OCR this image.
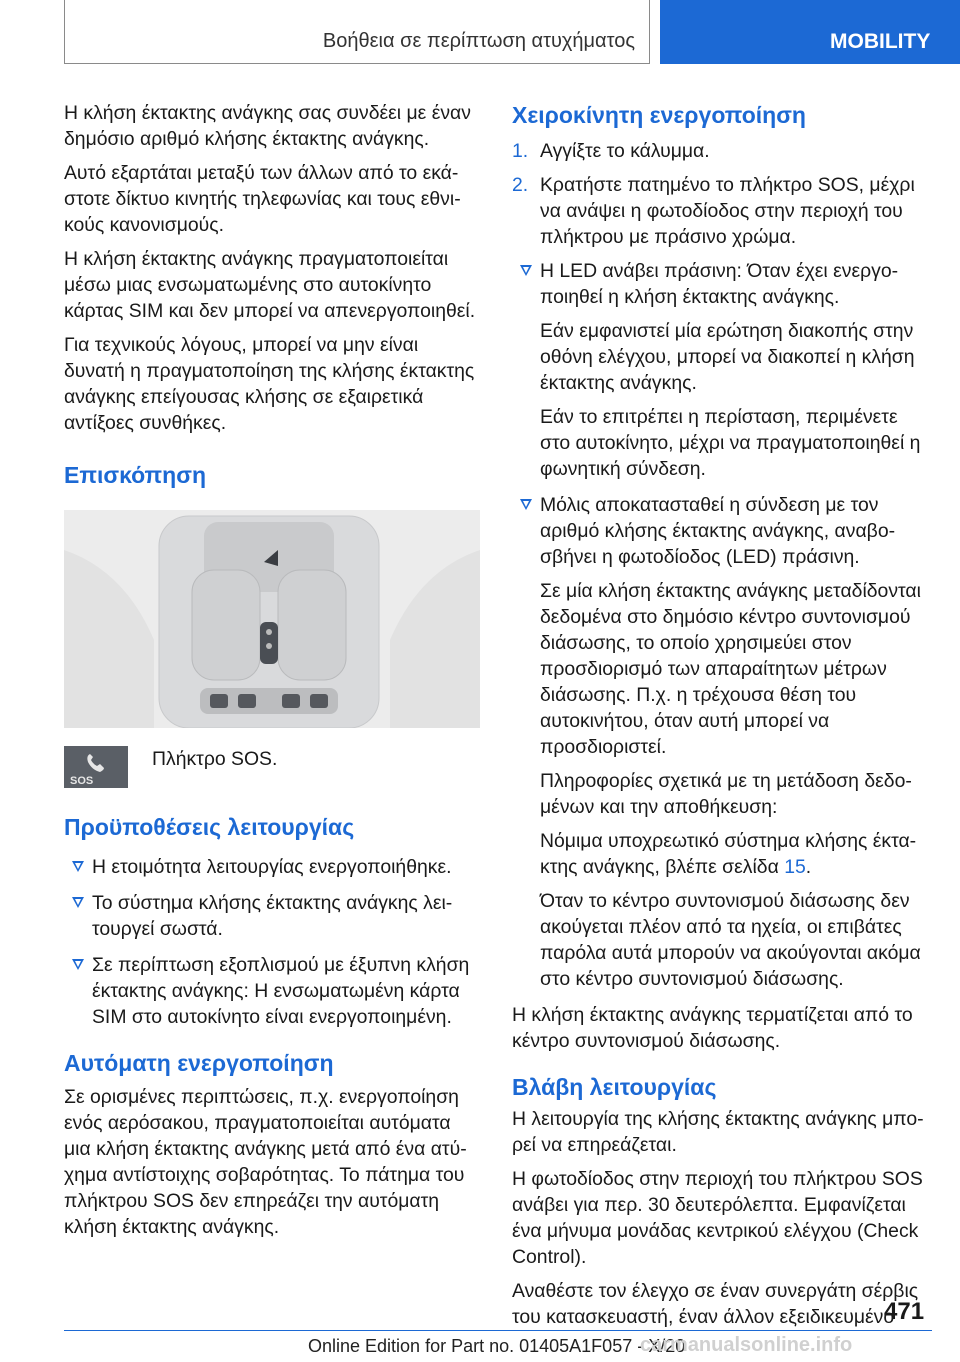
Βοήθεια σε περίπτωση ατυχήματος	MOBILITY

Η κλήση έκτακτης ανάγκης σας συνδέει με έναν δημόσιο αριθμό κλήσης έκτακτης ανάγκης.

Αυτό εξαρτάται μεταξύ των άλλων από το εκάστοτε δίκτυο κινητής τηλεφωνίας και τους εθνικούς κανονισμούς.

Η κλήση έκτακτης ανάγκης πραγματοποιείται μέσω μιας ενσωματωμένης στο αυτοκίνητο κάρτας SIM και δεν μπορεί να απενεργοποιηθεί.

Για τεχνικούς λόγους, μπορεί να μην είναι δυνατή η πραγματοποίηση της κλήσης έκτακτης ανάγκης επείγουσας κλήσης σε εξαιρετικά αντίξοες συνθήκες.

Επισκόπηση
SOS
Πλήκτρο SOS.
Προϋποθέσεις λειτουργίας
Η ετοιμότητα λειτουργίας ενεργοποιήθηκε.
Το σύστημα κλήσης έκτακτης ανάγκης λειτουργεί σωστά.
Σε περίπτωση εξοπλισμού με έξυπνη κλήση έκτακτης ανάγκης: Η ενσωματωμένη κάρτα SIM στο αυτοκίνητο είναι ενεργοποιημένη.
Αυτόματη ενεργοποίηση

Σε ορισμένες περιπτώσεις, π.χ. ενεργοποίηση ενός αερόσακου, πραγματοποιείται αυτόματα μια κλήση έκτακτης ανάγκης μετά από ένα ατύχημα αντίστοιχης σοβαρότητας. Το πάτημα του πλήκτρου SOS δεν επηρεάζει την αυτόματη κλήση έκτακτης ανάγκης.

Χειροκίνητη ενεργοποίηση
1. Αγγίξτε το κάλυμμα.
2. Κρατήστε πατημένο το πλήκτρο SOS, μέχρι να ανάψει η φωτοδίοδος στην περιοχή του πλήκτρου με πράσινο χρώμα.
Η LED ανάβει πράσινη: Όταν έχει ενεργοποιηθεί η κλήση έκτακτης ανάγκης.

Εάν εμφανιστεί μία ερώτηση διακοπής στην οθόνη ελέγχου, μπορεί να διακοπεί η κλήση έκτακτης ανάγκης.

Εάν το επιτρέπει η περίσταση, περιμένετε στο αυτοκίνητο, μέχρι να πραγματοποιηθεί η φωνητική σύνδεση.

Μόλις αποκατασταθεί η σύνδεση με τον αριθμό κλήσης έκτακτης ανάγκης, αναβοσβήνει η φωτοδίοδος (LED) πράσινη.

Σε μία κλήση έκτακτης ανάγκης μεταδίδονται δεδομένα στο δημόσιο κέντρο συντονισμού διάσωσης, το οποίο χρησιμεύει στον προσδιορισμό των απαραίτητων μέτρων διάσωσης. Π.χ. η τρέχουσα θέση του αυτοκινήτου, όταν αυτή μπορεί να προσδιοριστεί.

Πληροφορίες σχετικά με τη μετάδοση δεδομένων και την αποθήκευση:

Νόμιμα υποχρεωτικό σύστημα κλήσης έκτακτης ανάγκης, βλέπε σελίδα 15.

Όταν το κέντρο συντονισμού διάσωσης δεν ακούγεται πλέον από τα ηχεία, οι επιβάτες παρόλα αυτά μπορούν να ακούγονται ακόμα στο κέντρο συντονισμού διάσωσης.

Η κλήση έκτακτης ανάγκης τερματίζεται από το κέντρο συντονισμού διάσωσης.

Βλάβη λειτουργίας

Η λειτουργία της κλήσης έκτακτης ανάγκης μπορεί να επηρεάζεται.

Η φωτοδίοδος στην περιοχή του πλήκτρου SOS ανάβει για περ. 30 δευτερόλεπτα. Εμφανίζεται ένα μήνυμα μονάδας κεντρικού ελέγχου (Check Control).

Αναθέστε τον έλεγχο σε έναν συνεργάτη σέρβις του κατασκευαστή, έναν άλλον εξειδικευμένο

471
Online Edition for Part no. 01405A1F057 - X/20
carmanualsonline.info
